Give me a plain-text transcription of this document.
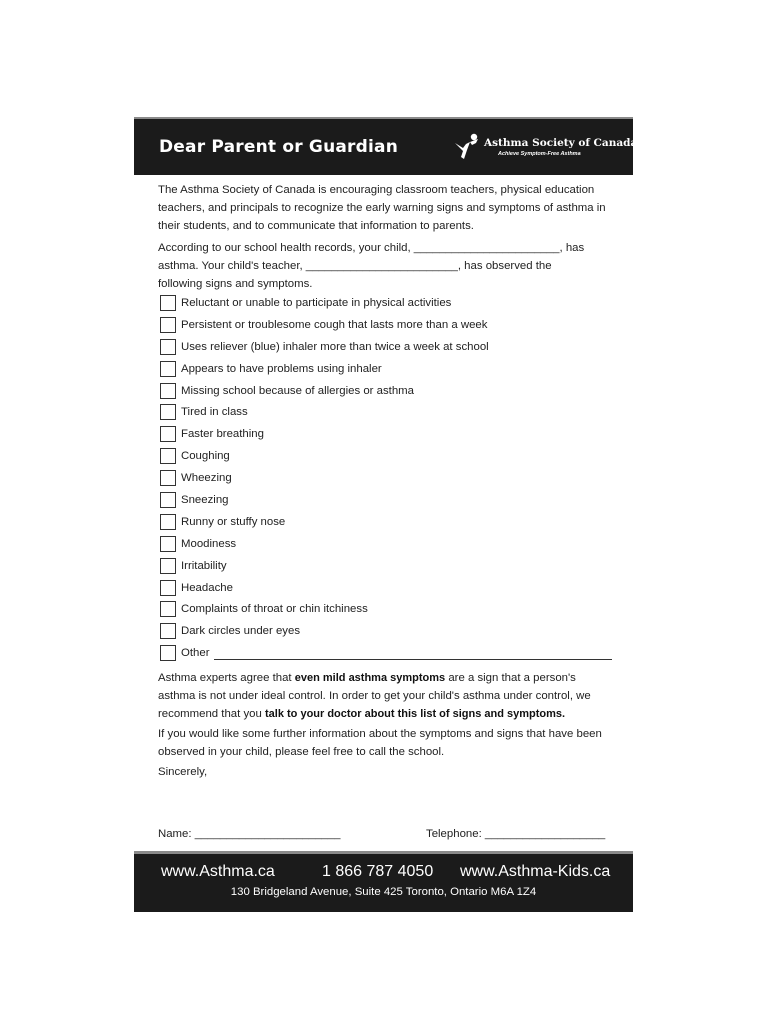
Dear Parent or Guardian	Asthma Society of Canada
Achieve Symptom-Free Asthma

The Asthma Society of Canada is encouraging classroom teachers, physical education teachers, and principals to recognize the early warning signs and symptoms of asthma in their students, and to communicate that information to parents.

According to our school health records, your child, _______________________, has
asthma. Your child's teacher, ________________________, has observed the
following signs and symptoms.
Reluctant or unable to participate in physical activities
Persistent or troublesome cough that lasts more than a week
Uses reliever (blue) inhaler more than twice a week at school
Appears to have problems using inhaler
Missing school because of allergies or asthma
Tired in class
Faster breathing
Coughing
Wheezing
Sneezing
Runny or stuffy nose
Moodiness
Irritability
Headache
Complaints of throat or chin itchiness
Dark circles under eyes
Other

Asthma experts agree that even mild asthma symptoms are a sign that a person's asthma is not under ideal control. In order to get your child's asthma under control, we recommend that you talk to your doctor about this list of signs and symptoms.

If you would like some further information about the symptoms and signs that have been observed in your child, please feel free to call the school.

Sincerely,

Name: _______________________	Telephone: ___________________
www.Asthma.ca	1 866 787 4050 www.Asthma-Kids.ca
130 Bridgeland Avenue, Suite 425 Toronto, Ontario M6A 1Z4
